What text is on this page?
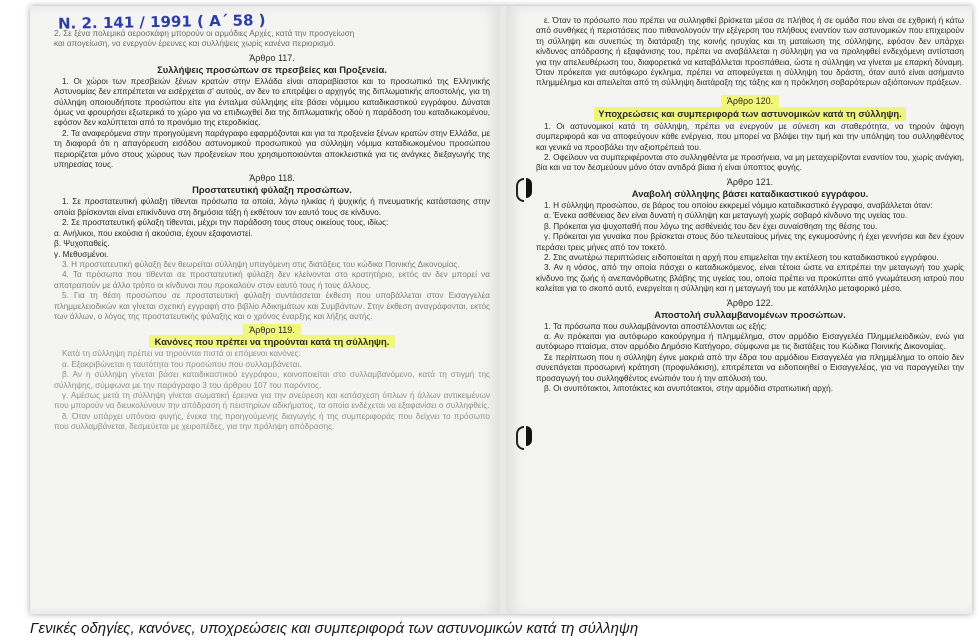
Ν. 2. 141 / 1991 ( Α΄ 58 )

2. Σε ξένα πολεμικά αεροσκάφη μπορούν οι αρμόδιες Αρχές, κατά την προσγείωση

και απογείωση, να ενεργούν έρευνες και συλλήψεις χωρίς κανένα περιορισμό.

Άρθρο 117.
Συλλήψεις προσώπων σε πρεσβείες και Προξενεία.

1. Οι χώροι των πρεσβειών ξένων κρατών στην Ελλάδα είναι απαραβίαστοι και το προσωπικό της Ελληνικής Αστυνομίας δεν επιτρέπεται να εισέρχεται σ' αυτούς, αν δεν το επιτρέψει ο αρχηγός της διπλωματικής αποστολής, για τη σύλληψη οποιουδήποτε προσώπου είτε για ένταλμα σύλληψης είτε βάσει νόμιμου καταδικαστικού εγγράφου. Δύναται όμως να φρουρήσει εξωτερικά το χώρο για να επιδιωχθεί δια της διπλωματικής οδού η παράδοση του καταδιωκομένου, εφόσον δεν καλύπτεται από το προνόμιο της ετεροδικίας.

2. Τα αναφερόμενα στην προηγούμενη παράγραφο εφαρμόζονται και για τα προξενεία ξένων κρατών στην Ελλάδα, με τη διαφορά ότι η απαγόρευση εισόδου αστυνομικού προσωπικού για σύλληψη νόμιμα καταδιωκομένου προσώπου περιορίζεται μόνο στους χώρους των προξενείων που χρησιμοποιούνται αποκλειστικά για τις ανάγκες διεξαγωγής της υπηρεσίας τους.

Άρθρο 118.
Προστατευτική φύλαξη προσώπων.

1. Σε προστατευτική φύλαξη τίθενται πρόσωπα τα οποία, λόγω ηλικίας ή ψυχικής ή πνευματικής κατάστασης στην οποία βρίσκονται είναι επικίνδυνα στη δημόσια τάξη ή εκθέτουν τον εαυτό τους σε κίνδυνο.

2. Σε προστατευτική φύλαξη τίθενται, μέχρι την παράδοση τους στους οικείους τους, ιδίως:

α. Ανήλικοι, που εκούσια ή ακούσια, έχουν εξαφανιστεί.

β. Ψυχοπαθείς.

γ. Μεθυσμένοι.

3. Η προστατευτική φύλαξη δεν θεωρείται σύλληψη υπαγόμενη στις διατάξεις του κώδικα Ποινικής Δικονομίας.

4. Τα πρόσωπα που τίθενται σε προστατευτική φύλαξη δεν κλείνονται στο κρατητήριο, εκτός αν δεν μπορεί να αποτραπούν με άλλο τρόπο οι κίνδυνοι που προκαλούν στον εαυτό τους ή τους άλλους.

5. Για τη θέση προσώπου σε προστατευτική φύλαξη συντάσσεται έκθεση που υποβάλλεται στον Εισαγγελέα πλημμελειοδικών και γίνεται σχετική εγγραφή στο βιβλίο Αδικημάτων και Συμβάντων. Στην έκθεση αναγράφονται, εκτός των άλλων, ο λόγος της προστατευτικής φύλαξης και ο χρόνος έναρξης και λήξης αυτής.

Άρθρο 119.
Κανόνες που πρέπει να τηρούνται κατά τη σύλληψη.

Κατά τη σύλληψη πρέπει να τηρούνται πιστά οι επόμενοι κανόνες:

α. Εξακριβώνεται η ταυτότητα του προσώπου που συλλαμβάνεται.

β. Αν η σύλληψη γίνεται βάσει καταδικαστικού εγγράφου, κοινοποιείται στο συλλαμβανόμενο, κατά τη στιγμή της σύλληψης, σύμφωνα με την παράγραφο 3 του άρθρου 107 του παρόντος.

γ. Αμέσως μετά τη σύλληψη γίνεται σωματική έρευνα για την ανεύρεση και κατάσχεση όπλων ή άλλων αντικειμένων που μπορούν να διευκολύνουν την απόδραση ή πειστηρίων αδικήματος, τα οποία ενδέχεται να εξαφανίσει ο συλληφθείς.

δ. Όταν υπάρχει υπόνοια φυγής, ένεκα της προηγούμενης διαγωγής ή της συμπεριφοράς που δείχνει το πρόσωπο που συλλαμβάνεται, δεσμεύεται με χειροπέδες, για την πρόληψη απόδρασης.

ε. Όταν το πρόσωπο που πρέπει να συλληφθεί βρίσκεται μέσα σε πλήθος ή σε ομάδα που είναι σε εχθρική ή κάτω από συνθήκες ή περιστάσεις που πιθανολογούν την εξέγερση του πλήθους εναντίον των αστυνομικών που επιχειρούν τη σύλληψη και συνεπώς τη διατάραξη της κοινής ησυχίας και τη ματαίωση της σύλληψης, εφόσον δεν υπάρχει κίνδυνος απόδρασης ή εξαφάνισης του, πρέπει να αναβάλλεται η σύλληψη για να προληφθεί ενδεχόμενη αντίσταση για την απελευθέρωση του, διαφορετικά να καταβάλλεται προσπάθεια, ώστε η σύλληψη να γίνεται με επαρκή δύναμη. Όταν πρόκειται για αυτόφωρο έγκλημα, πρέπει να αποφεύγεται η σύλληψη του δράστη, όταν αυτό είναι ασήμαντο πλημμέλημα και απειλείται από τη σύλληψη διατάραξη της τάξης και η πρόκληση σοβαρότερων αξιόποινων πράξεων.

Άρθρο 120.
Υποχρεώσεις και συμπεριφορά των αστυνομικών κατά τη σύλληψη.

1. Οι αστυνομικοί κατά τη σύλληψη, πρέπει να ενεργούν με σύνεση και σταθερότητα, να τηρούν άψογη συμπεριφορά και να αποφεύγουν κάθε ενέργεια, που μπορεί να βλάψει την τιμή και την υπόληψη του συλληφθέντος και γενικά να προσβάλει την αξιοπρέπειά του.

2. Οφείλουν να συμπεριφέρονται στο συλληφθέντα με προσήνεια, να μη μεταχειρίζονται εναντίον του, χωρίς ανάγκη, βία και να τον δεσμεύουν μόνο όταν αντιδρά βίαια ή είναι ύποπτος φυγής.

Άρθρο 121.
Αναβολή σύλληψης βάσει καταδικαστικού εγγράφου.

1. Η σύλληψη προσώπου, σε βάρος του οποίου εκκρεμεί νόμιμο καταδικαστικό έγγραφο, αναβάλλεται όταν:

α. Ένεκα ασθένειας δεν είναι δυνατή η σύλληψη και μεταγωγή χωρίς σοβαρό κίνδυνο της υγείας του.

β. Πρόκειται για ψυχοπαθή που λόγω της ασθένειάς του δεν έχει συναίσθηση της θέσης του.

γ. Πρόκειται για γυναίκα που βρίσκεται στους δύο τελευταίους μήνες της εγκυμοσύνης ή έχει γεννήσει και δεν έχουν περάσει τρεις μήνες από τον τοκετό.

2. Στις ανωτέρω περιπτώσεις ειδοποιείται η αρχή που επιμελείται την εκτέλεση του καταδικαστικού εγγράφου.

3. Αν η νόσος, από την οποία πάσχει ο καταδιωκόμενος, είναι τέτοια ώστε να επιτρέπει την μεταγωγή του χωρίς κίνδυνο της ζωής ή ανεπανόρθωτης βλάβης της υγείας του, οποία πρέπει να προκύπτει από γνωμάτευση ιατρού που καλείται για το σκοπό αυτό, ενεργείται η σύλληψη και η μεταγωγή του με κατάλληλο μεταφορικό μέσο.

Άρθρο 122.
Αποστολή συλλαμβανομένων προσώπων.

1. Τα πρόσωπα που συλλαμβάνονται αποστέλλονται ως εξής:

α. Αν πρόκειται για αυτόφωρο κακούργημα ή πλημμέλημα, στον αρμόδιο Εισαγγελέα Πλημμελειοδικών, ενώ για αυτόφωρο πταίσμα, στον αρμόδιο Δημόσιο Κατήγορο, σύμφωνα με τις διατάξεις του Κώδικα Ποινικής Δικονομίας.

Σε περίπτωση που η σύλληψη έγινε μακριά από την έδρα του αρμόδιου Εισαγγελέα για πλημμέλημα το οποίο δεν συνεπάγεται προσωρινή κράτηση (προφυλάκιση), επιτρέπεται να ειδοποιηθεί ο Εισαγγελέας, για να παραγγείλει την προσαγωγή του συλληφθέντος ενώπιόν του ή την απόλυσή του.

β. Οι ανυπότακτοι, λιποτάκτες και ανυπότακτοι, στην αρμόδια στρατιωτική αρχή.

Γενικές οδηγίες, κανόνες, υποχρεώσεις και συμπεριφορά των αστυνομικών κατά τη σύλληψη
